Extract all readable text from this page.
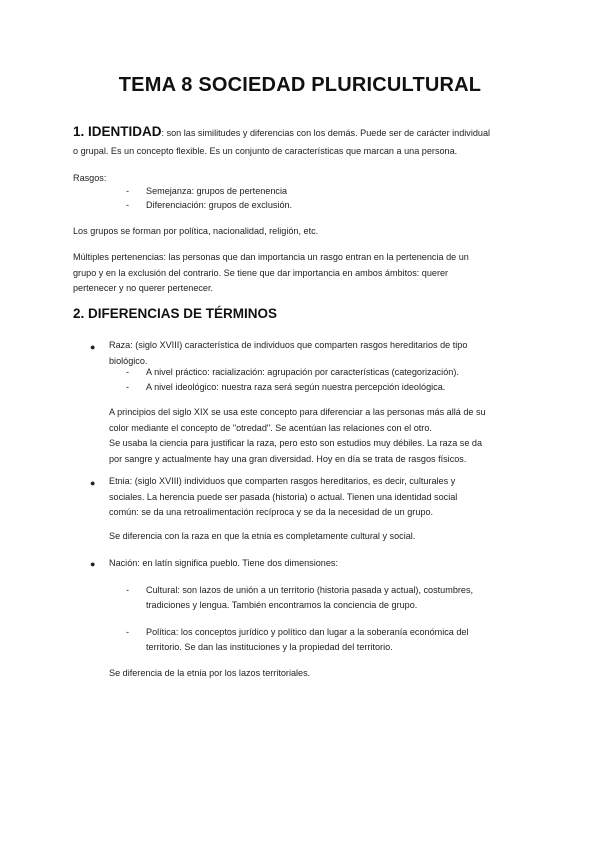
TEMA 8 SOCIEDAD PLURICULTURAL
1. IDENTIDAD: son las similitudes y diferencias con los demás. Puede ser de carácter individual
o grupal. Es un concepto flexible. Es un conjunto de características que marcan a una persona.
Rasgos:
- Semejanza: grupos de pertenencia
- Diferenciación: grupos de exclusión.
Los grupos se forman por política, nacionalidad, religión, etc.
Múltiples pertenencias: las personas que dan importancia un rasgo entran en la pertenencia de un
grupo y en la exclusión del contrario. Se tiene que dar importancia en ambos ámbitos: querer
pertenecer y no querer pertenecer.
2. DIFERENCIAS DE TÉRMINOS
● Raza: (siglo XVIII) característica de individuos que comparten rasgos hereditarios de tipo
biológico.
- A nivel práctico: racialización: agrupación por características (categorización).
- A nivel ideológico: nuestra raza será según nuestra percepción ideológica.
A principios del siglo XIX se usa este concepto para diferenciar a las personas más allá de su
color mediante el concepto de "otredad". Se acentúan las relaciones con el otro.
Se usaba la ciencia para justificar la raza, pero esto son estudios muy débiles. La raza se da
por sangre y actualmente hay una gran diversidad. Hoy en día se trata de rasgos físicos.
● Etnia: (siglo XVIII) individuos que comparten rasgos hereditarios, es decir, culturales y
sociales. La herencia puede ser pasada (historia) o actual. Tienen una identidad social
común: se da una retroalimentación recíproca y se da la necesidad de un grupo.
Se diferencia con la raza en que la etnia es completamente cultural y social.
● Nación: en latín significa pueblo. Tiene dos dimensiones:
- Cultural: son lazos de unión a un territorio (historia pasada y actual), costumbres,
tradiciones y lengua. También encontramos la conciencia de grupo.
- Política: los conceptos jurídico y político dan lugar a la soberanía económica del
territorio. Se dan las instituciones y la propiedad del territorio.
Se diferencia de la etnia por los lazos territoriales.
